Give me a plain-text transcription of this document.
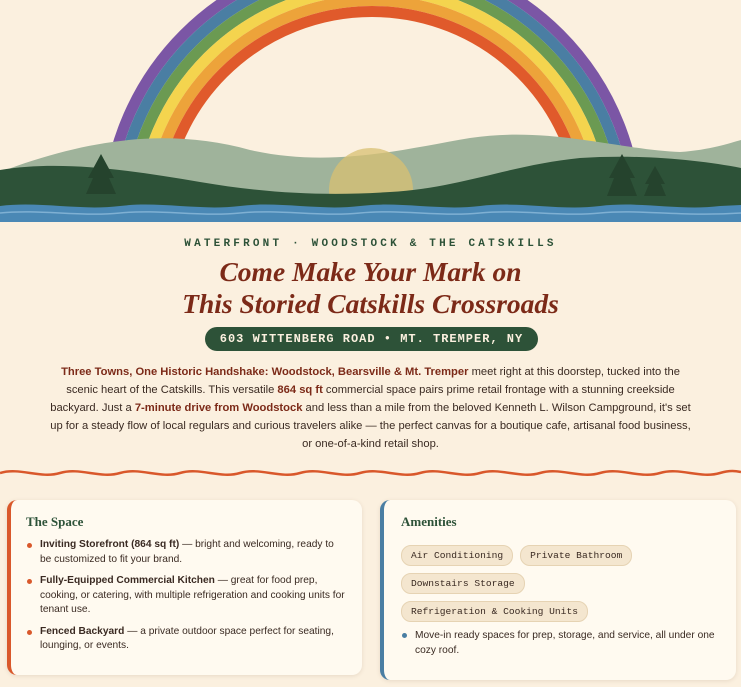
WATERFRONT · WOODSTOCK & THE CATSKILLS
Come Make Your Mark on
This Storied Catskills Crossroads
603 WITTENBERG ROAD • MT. TREMPER, NY

Three Towns, One Historic Handshake: Woodstock, Bearsville & Mt. Tremper meet right at this doorstep, tucked into the scenic heart of the Catskills. This versatile 864 sq ft commercial space pairs prime retail frontage with a stunning creekside backyard. Just a 7-minute drive from Woodstock and less than a mile from the beloved Kenneth L. Wilson Campground, it's set up for a steady flow of local regulars and curious travelers alike — the perfect canvas for a boutique cafe, artisanal food business, or one-of-a-kind retail shop.

The Space
Inviting Storefront (864 sq ft) — bright and welcoming, ready to be customized to fit your brand.
Fully-Equipped Commercial Kitchen — great for food prep, cooking, or catering, with multiple refrigeration and cooking units for tenant use.
Fenced Backyard — a private outdoor space perfect for seating, lounging, or events.
Amenities
Air Conditioning	Private Bathroom
Downstairs Storage
Refrigeration & Cooking Units
Move-in ready spaces for prep, storage, and service, all under one cozy roof.
